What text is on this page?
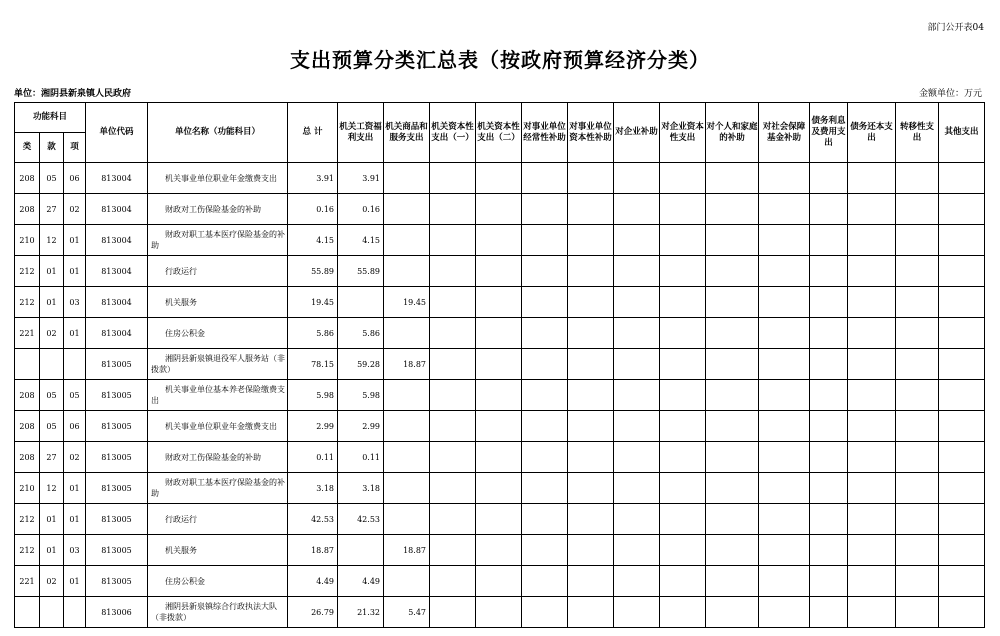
部门公开表04
支出预算分类汇总表（按政府预算经济分类）
单位：湘阴县新泉镇人民政府	金额单位：万元
功能科目			单位代码	单位名称（功能科目）	总 计	机关工资福利支出	机关商品和服务支出	机关资本性支出（一）	机关资本性支出（二）	对事业单位经常性补助	对事业单位资本性补助	对企业补助	对企业资本性支出	对个人和家庭的补助	对社会保障基金补助	债务利息及费用支出	债务还本支出	转移性支出	其他支出
类	款	项																	
208	05	06	813004	机关事业单位职业年金缴费支出	3.91	3.91													
208	27	02	813004	财政对工伤保险基金的补助	0.16	0.16													
210	12	01	813004	财政对职工基本医疗保险基金的补助	4.15	4.15													
212	01	01	813004	行政运行	55.89	55.89													
212	01	03	813004	机关服务	19.45		19.45												
221	02	01	813004	住房公积金	5.86	5.86													
			813005	湘阴县新泉镇退役军人服务站（非拨款）	78.15	59.28	18.87												
208	05	05	813005	机关事业单位基本养老保险缴费支出	5.98	5.98													
208	05	06	813005	机关事业单位职业年金缴费支出	2.99	2.99													
208	27	02	813005	财政对工伤保险基金的补助	0.11	0.11													
210	12	01	813005	财政对职工基本医疗保险基金的补助	3.18	3.18													
212	01	01	813005	行政运行	42.53	42.53													
212	01	03	813005	机关服务	18.87		18.87												
221	02	01	813005	住房公积金	4.49	4.49													
			813006	湘阴县新泉镇综合行政执法大队（非拨款）	26.79	21.32	5.47												
